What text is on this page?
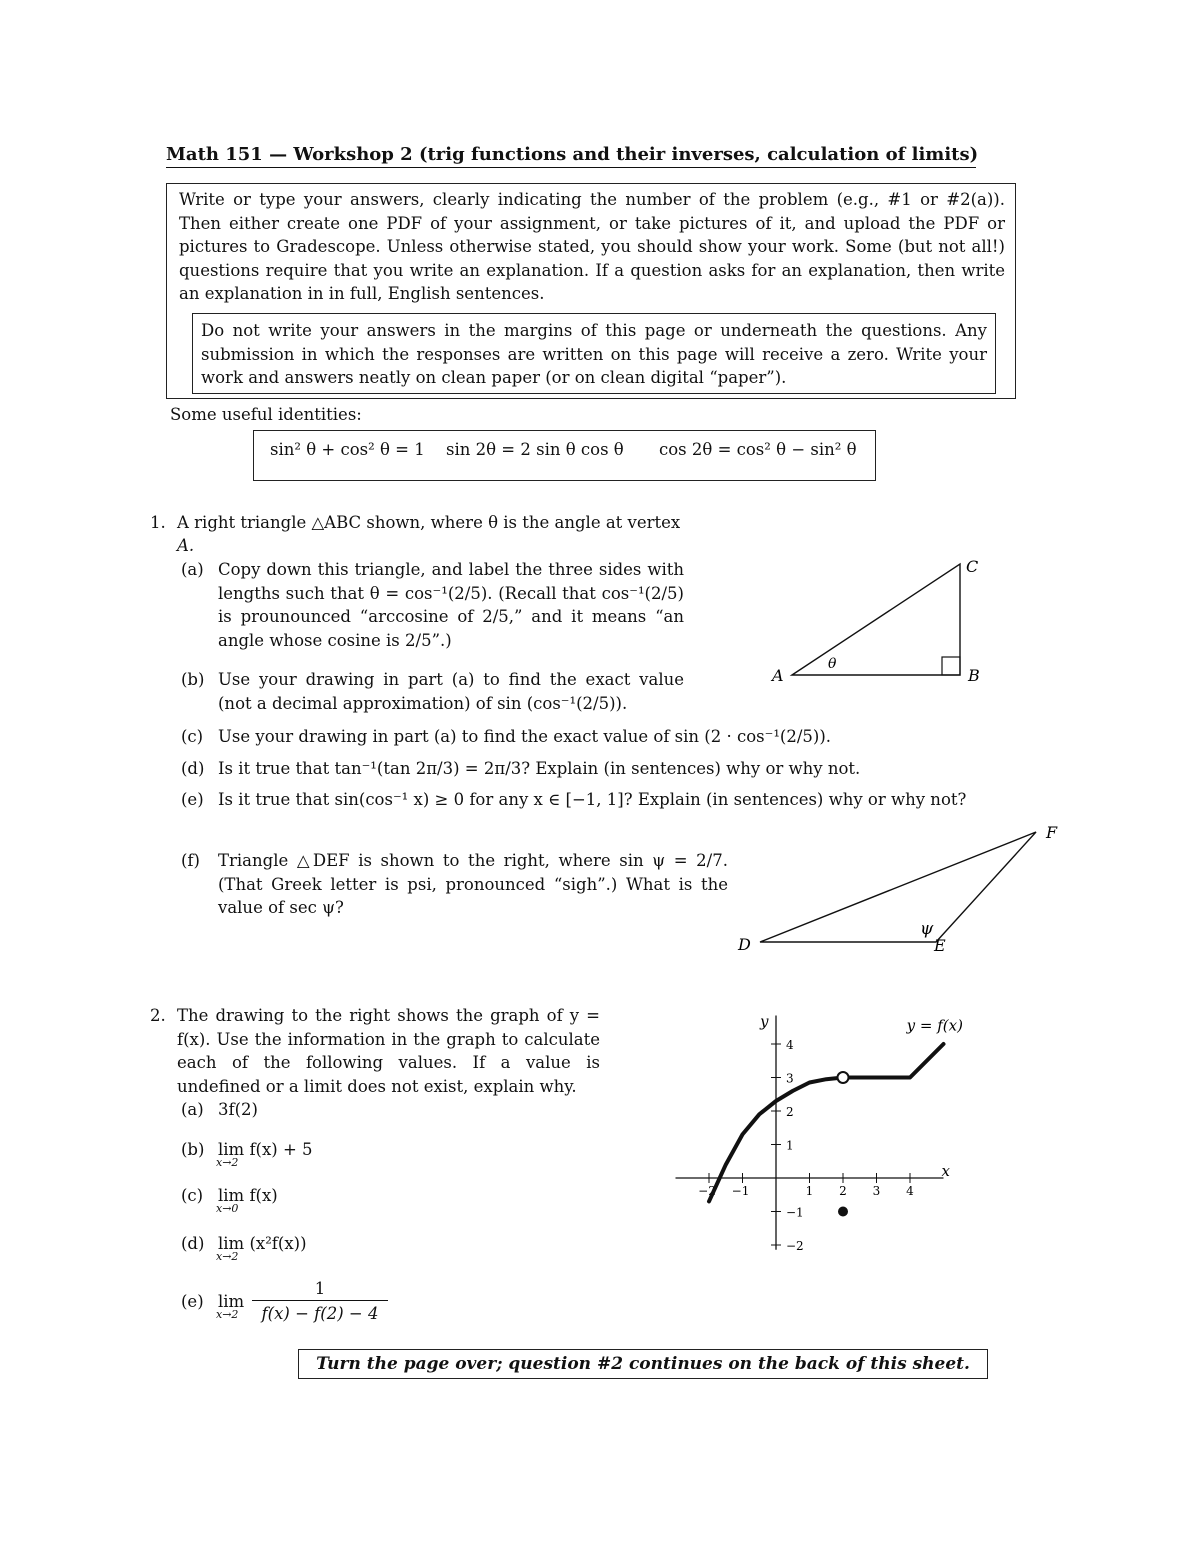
Math 151 — Workshop 2 (trig functions and their inverses, calculation of limits)

Write or type your answers, clearly indicating the number of the problem (e.g., #1 or #2(a)). Then either create one PDF of your assignment, or take pictures of it, and upload the PDF or pictures to Gradescope. Unless otherwise stated, you should show your work. Some (but not all!) questions require that you write an explanation. If a question asks for an explanation, then write an explanation in in full, English sentences.

Do not write your answers in the margins of this page or underneath the questions. Any submission in which the responses are written on this page will receive a zero. Write your work and answers neatly on clean paper (or on clean digital “paper”).

Some useful identities:
sin² θ + cos² θ = 1 sin 2θ = 2 sin θ cos θ cos 2θ = cos² θ − sin² θ
1. A right triangle △ABC shown, where θ is the angle at vertex
A.
(a) Copy down this triangle, and label the three sides with lengths such that θ = cos⁻¹(2/5). (Recall that cos⁻¹(2/5) is prounounced “arccosine of 2/5,” and it means “an angle whose cosine is 2/5”.)
(b) Use your drawing in part (a) to find the exact value (not a decimal approximation) of sin (cos⁻¹(2/5)).
(c) Use your drawing in part (a) to find the exact value of sin (2 · cos⁻¹(2/5)).
(d) Is it true that tan⁻¹(tan 2π/3) = 2π/3? Explain (in sentences) why or why not.
(e) Is it true that sin(cos⁻¹ x) ≥ 0 for any x ∈ [−1, 1]? Explain (in sentences) why or why not?
(f) Triangle △DEF is shown to the right, where sin ψ = 2/7. (That Greek letter is psi, pronounced “sigh”.) What is the value of sec ψ?
A	B
C
θ
D	E
F
ψ
2. The drawing to the right shows the graph of y = f(x). Use the information in the graph to calculate each of the following values. If a value is undefined or a limit does not exist, explain why.
(a) 3f(2)
(b) lim f(x) + 5
x→2
(c) lim f(x)
x→0
(d) lim (x²f(x))
x→2
(e) lim
x→2
1
f(x) − f(2) − 4
−2 −1	1 2 3 4
−2
−1
1
2
3
4
x
y	y = f(x)
Turn the page over; question #2 continues on the back of this sheet.
